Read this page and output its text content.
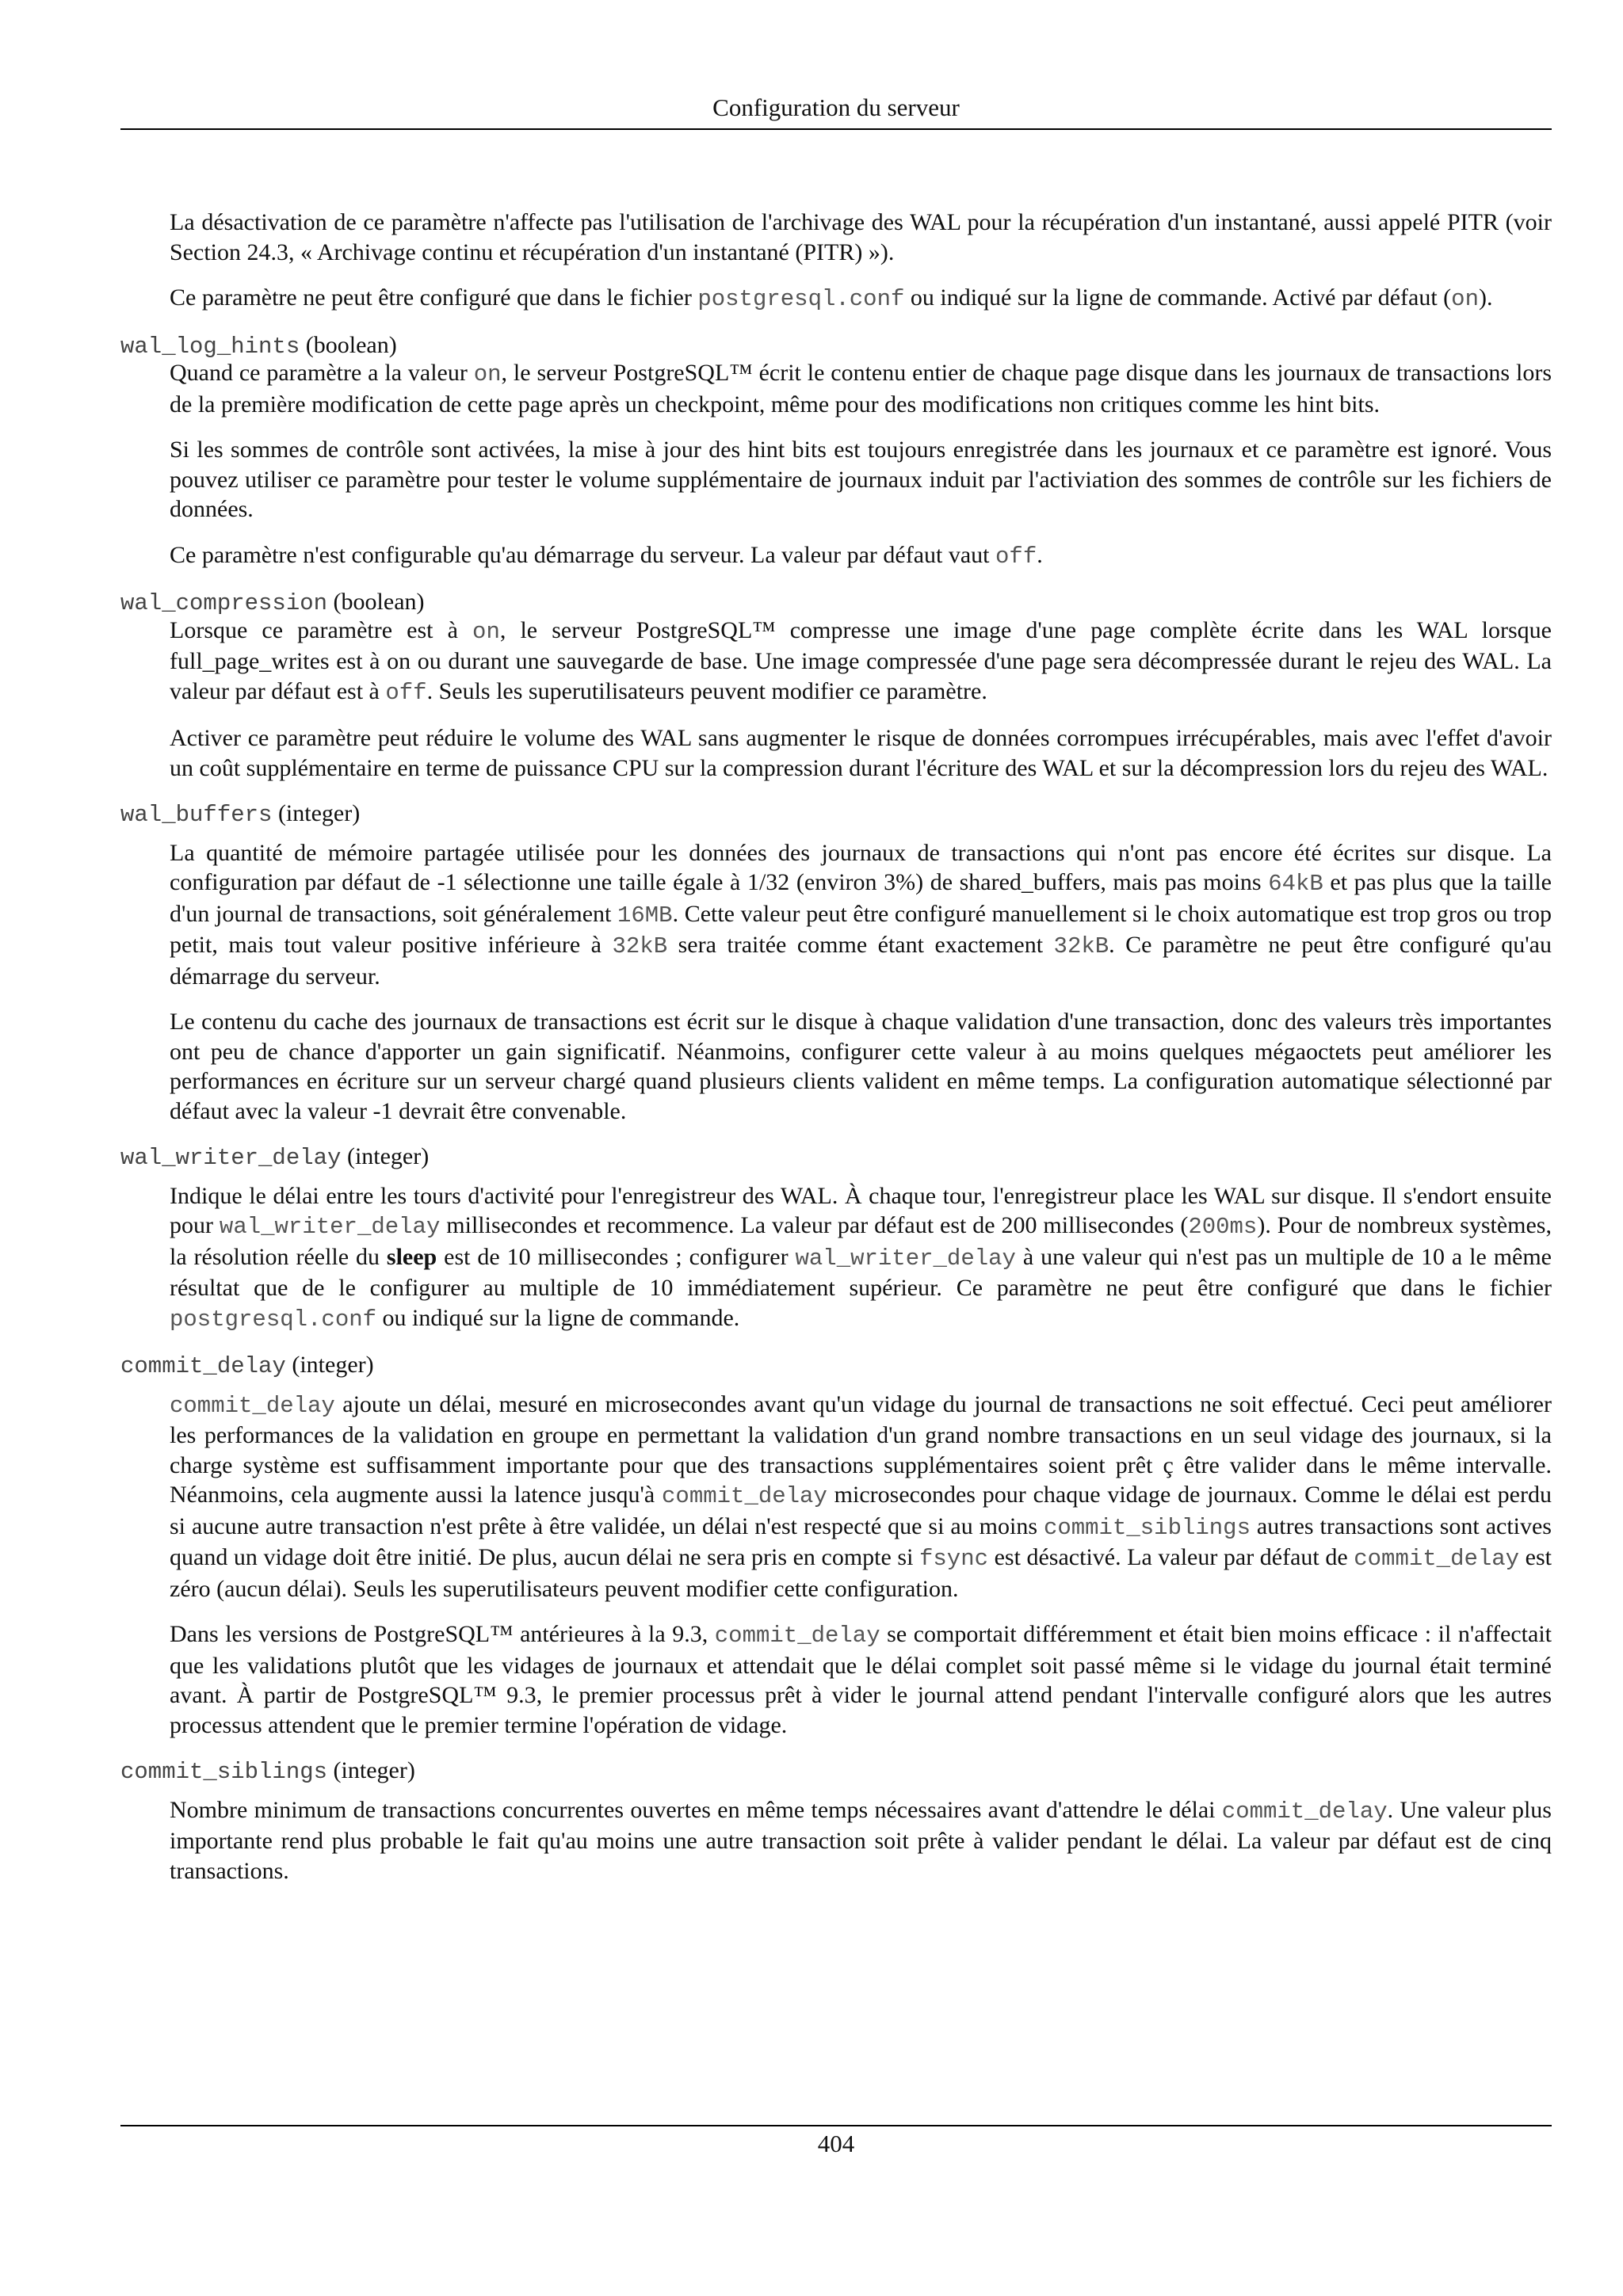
Configuration du serveur

La désactivation de ce paramètre n'affecte pas l'utilisation de l'archivage des WAL pour la récupération d'un instantané, aussi appelé PITR (voir Section 24.3, « Archivage continu et récupération d'un instantané (PITR) »).

Ce paramètre ne peut être configuré que dans le fichier postgresql.conf ou indiqué sur la ligne de commande. Activé par défaut (on).

wal_log_hints (boolean)

Quand ce paramètre a la valeur on, le serveur PostgreSQL™ écrit le contenu entier de chaque page disque dans les journaux de transactions lors de la première modification de cette page après un checkpoint, même pour des modifications non critiques comme les hint bits.

Si les sommes de contrôle sont activées, la mise à jour des hint bits est toujours enregistrée dans les journaux et ce paramètre est ignoré. Vous pouvez utiliser ce paramètre pour tester le volume supplémentaire de journaux induit par l'activiation des sommes de contrôle sur les fichiers de données.

Ce paramètre n'est configurable qu'au démarrage du serveur. La valeur par défaut vaut off.

wal_compression (boolean)

Lorsque ce paramètre est à on, le serveur PostgreSQL™ compresse une image d'une page complète écrite dans les WAL lorsque full_page_writes est à on ou durant une sauvegarde de base. Une image compressée d'une page sera décompressée durant le rejeu des WAL. La valeur par défaut est à off. Seuls les superutilisateurs peuvent modifier ce paramètre.

Activer ce paramètre peut réduire le volume des WAL sans augmenter le risque de données corrompues irrécupérables, mais avec l'effet d'avoir un coût supplémentaire en terme de puissance CPU sur la compression durant l'écriture des WAL et sur la décompression lors du rejeu des WAL.

wal_buffers (integer)

La quantité de mémoire partagée utilisée pour les données des journaux de transactions qui n'ont pas encore été écrites sur disque. La configuration par défaut de -1 sélectionne une taille égale à 1/32 (environ 3%) de shared_buffers, mais pas moins 64kB et pas plus que la taille d'un journal de transactions, soit généralement 16MB. Cette valeur peut être configuré manuellement si le choix automatique est trop gros ou trop petit, mais tout valeur positive inférieure à 32kB sera traitée comme étant exactement 32kB. Ce paramètre ne peut être configuré qu'au démarrage du serveur.

Le contenu du cache des journaux de transactions est écrit sur le disque à chaque validation d'une transaction, donc des valeurs très importantes ont peu de chance d'apporter un gain significatif. Néanmoins, configurer cette valeur à au moins quelques mégaoctets peut améliorer les performances en écriture sur un serveur chargé quand plusieurs clients valident en même temps. La configuration automatique sélectionné par défaut avec la valeur -1 devrait être convenable.

wal_writer_delay (integer)

Indique le délai entre les tours d'activité pour l'enregistreur des WAL. À chaque tour, l'enregistreur place les WAL sur disque. Il s'endort ensuite pour wal_writer_delay millisecondes et recommence. La valeur par défaut est de 200 millisecondes (200ms). Pour de nombreux systèmes, la résolution réelle du sleep est de 10 millisecondes ; configurer wal_writer_delay à une valeur qui n'est pas un multiple de 10 a le même résultat que de le configurer au multiple de 10 immédiatement supérieur. Ce paramètre ne peut être configuré que dans le fichier postgresql.conf ou indiqué sur la ligne de commande.

commit_delay (integer)

commit_delay ajoute un délai, mesuré en microsecondes avant qu'un vidage du journal de transactions ne soit effectué. Ceci peut améliorer les performances de la validation en groupe en permettant la validation d'un grand nombre transactions en un seul vidage des journaux, si la charge système est suffisamment importante pour que des transactions supplémentaires soient prêt ç être valider dans le même intervalle. Néanmoins, cela augmente aussi la latence jusqu'à commit_delay microsecondes pour chaque vidage de journaux. Comme le délai est perdu si aucune autre transaction n'est prête à être validée, un délai n'est respecté que si au moins commit_siblings autres transactions sont actives quand un vidage doit être initié. De plus, aucun délai ne sera pris en compte si fsync est désactivé. La valeur par défaut de commit_delay est zéro (aucun délai). Seuls les superutilisateurs peuvent modifier cette configuration.

Dans les versions de PostgreSQL™ antérieures à la 9.3, commit_delay se comportait différemment et était bien moins efficace : il n'affectait que les validations plutôt que les vidages de journaux et attendait que le délai complet soit passé même si le vidage du journal était terminé avant. À partir de PostgreSQL™ 9.3, le premier processus prêt à vider le journal attend pendant l'intervalle configuré alors que les autres processus attendent que le premier termine l'opération de vidage.

commit_siblings (integer)

Nombre minimum de transactions concurrentes ouvertes en même temps nécessaires avant d'attendre le délai commit_delay. Une valeur plus importante rend plus probable le fait qu'au moins une autre transaction soit prête à valider pendant le délai. La valeur par défaut est de cinq transactions.

404
